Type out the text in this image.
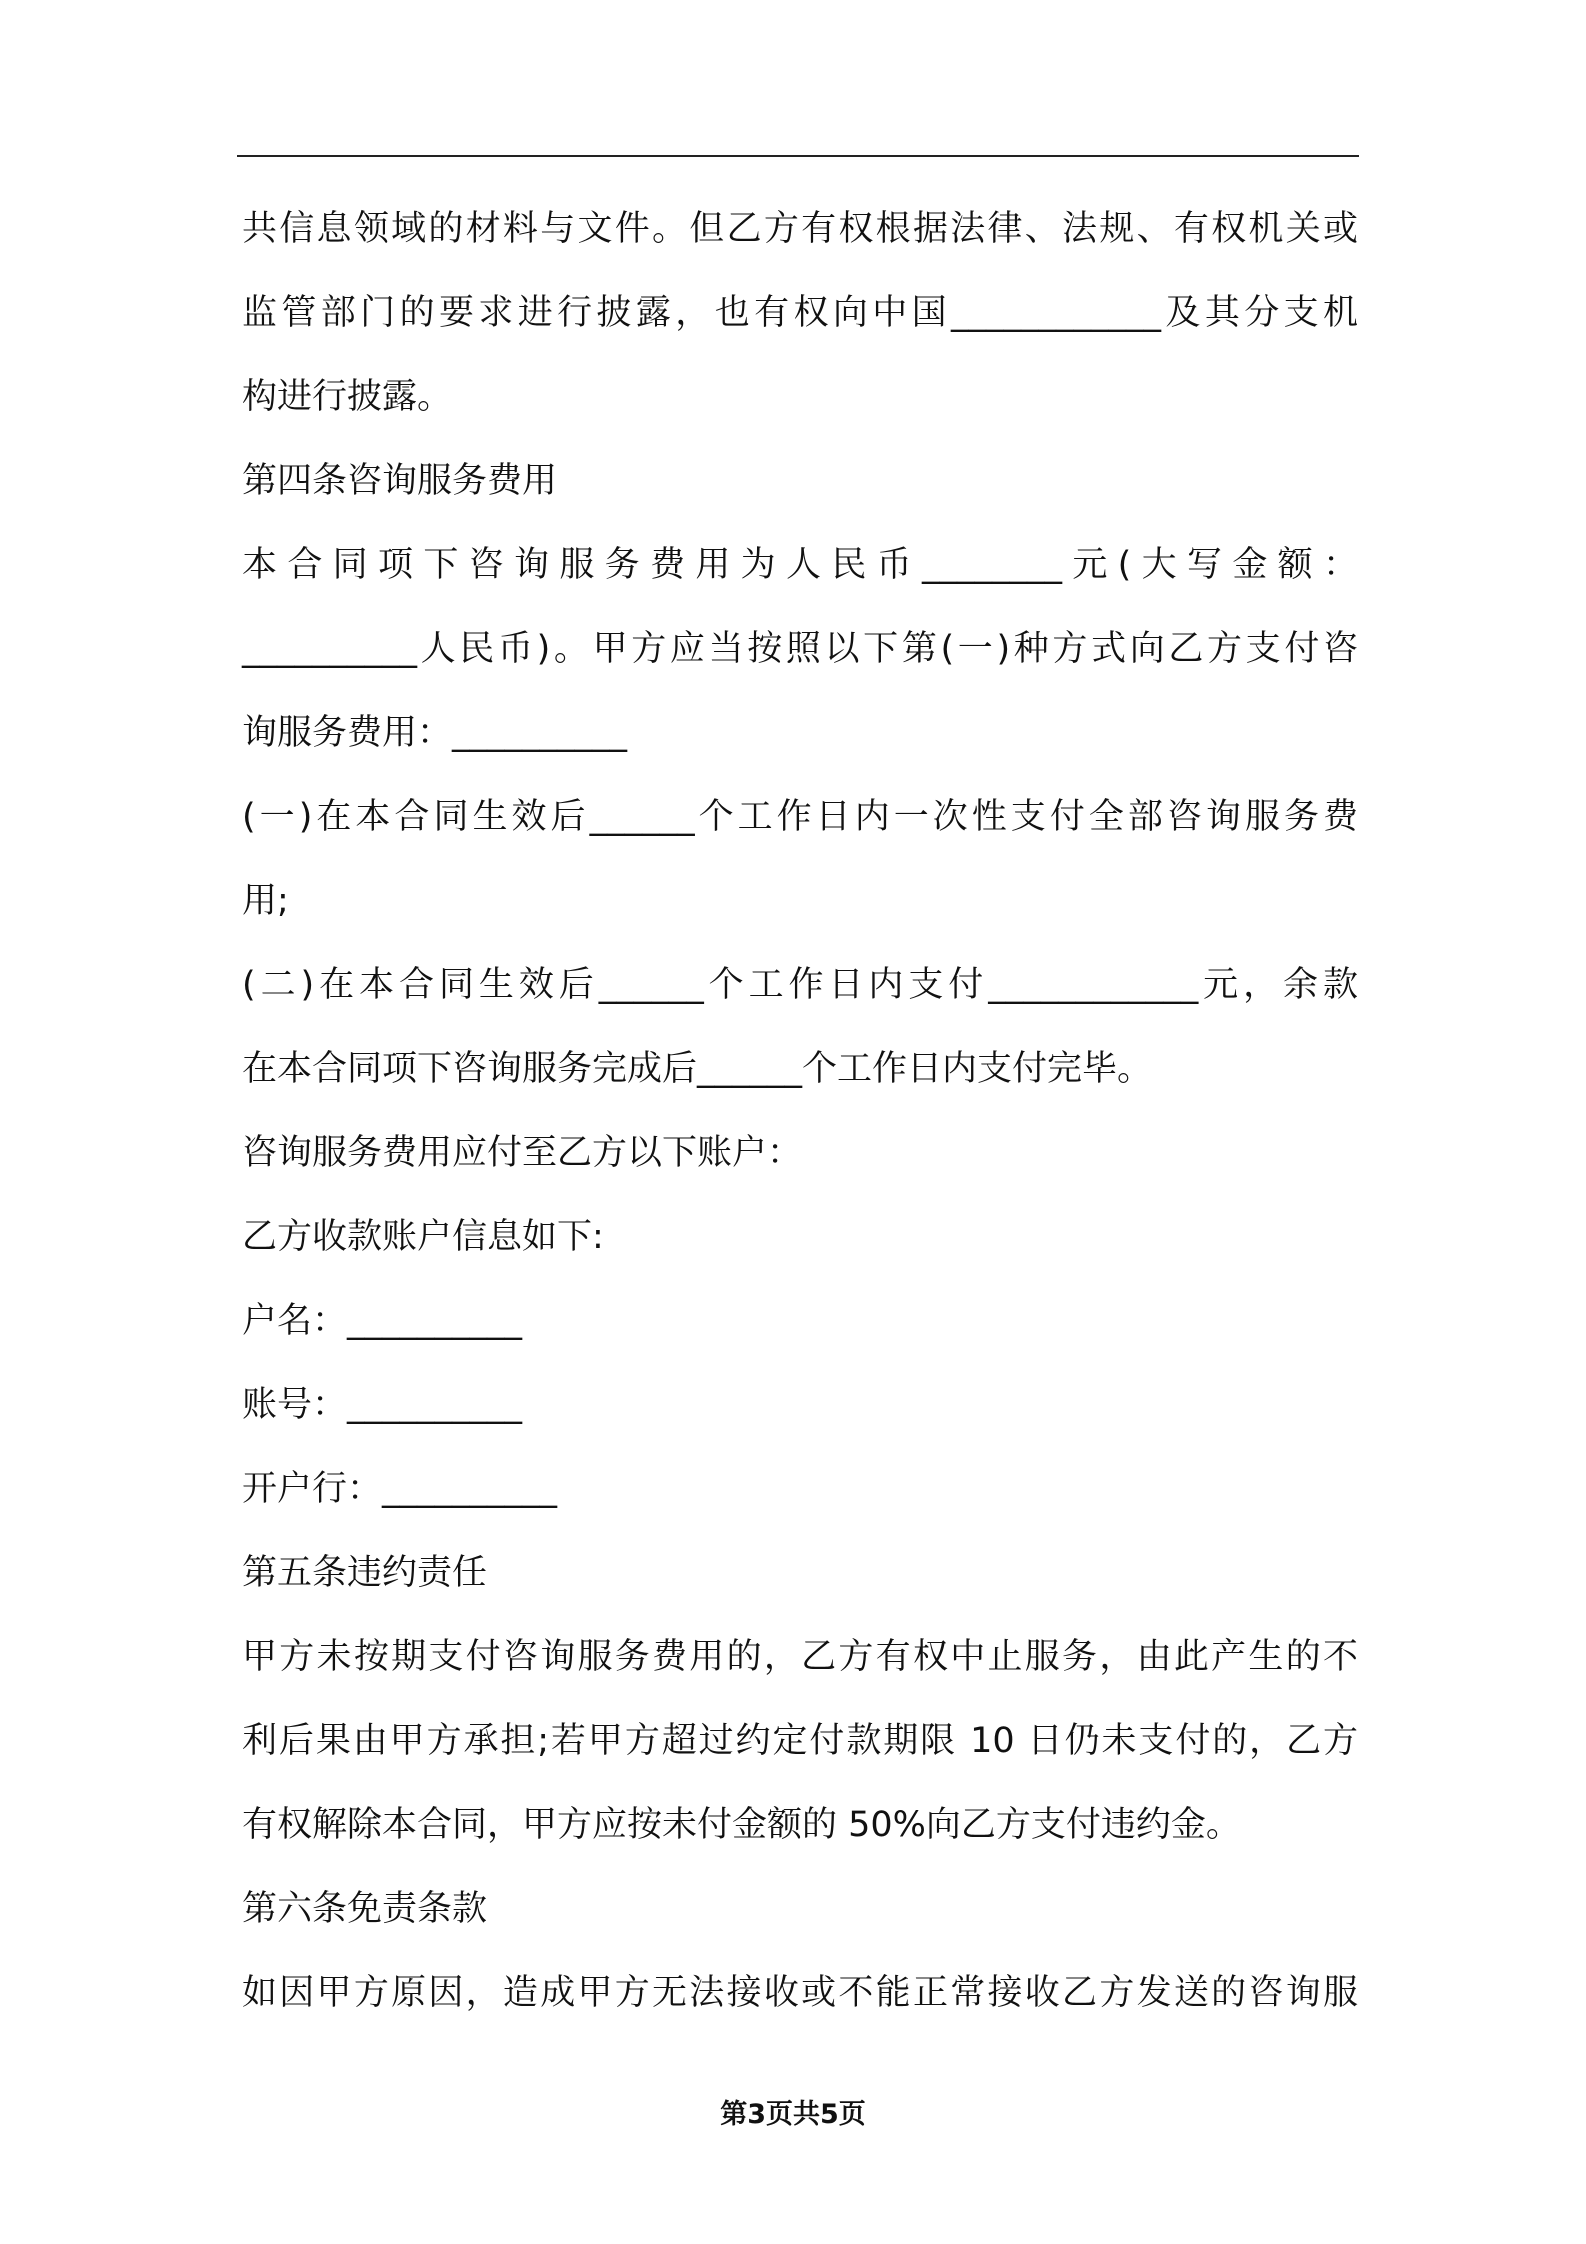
共信息领域的材料与文件。但乙方有权根据法律、法规、有权机关或
监管部门的要求进行披露，也有权向中国____________及其分支机
构进行披露。
第四条咨询服务费用
本合同项下咨询服务费用为人民币________元(大写金额：
__________人民币)。甲方应当按照以下第(一)种方式向乙方支付咨
询服务费用：__________
(一)在本合同生效后______个工作日内一次性支付全部咨询服务费
用;
(二)在本合同生效后______个工作日内支付____________元，余款
在本合同项下咨询服务完成后______个工作日内支付完毕。
咨询服务费用应付至乙方以下账户：
乙方收款账户信息如下:
户名：__________
账号：__________
开户行：__________
第五条违约责任
甲方未按期支付咨询服务费用的，乙方有权中止服务，由此产生的不
利后果由甲方承担;若甲方超过约定付款期限 10 日仍未支付的，乙方
有权解除本合同，甲方应按未付金额的 50%向乙方支付违约金。
第六条免责条款
如因甲方原因，造成甲方无法接收或不能正常接收乙方发送的咨询服
第3页共5页
